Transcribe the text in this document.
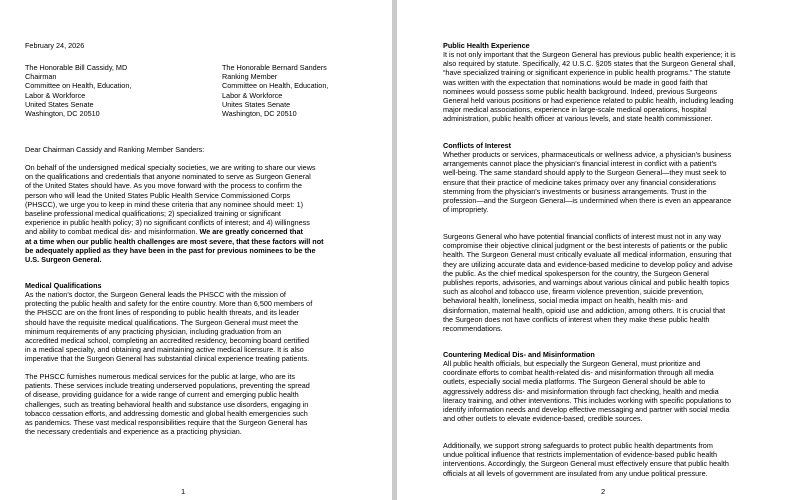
February 24, 2026
The Honorable Bill Cassidy, MD
Chairman
Committee on Health, Education,
Labor & Workforce
United States Senate
Washington, DC 20510
The Honorable Bernard Sanders
Ranking Member
Committee on Health, Education,
Labor & Workforce
Unites States Senate
Washington, DC 20510
Dear Chairman Cassidy and Ranking Member Sanders:
On behalf of the undersigned medical specialty societies, we are writing to share our views
on the qualifications and credentials that anyone nominated to serve as Surgeon General
of the United States should have. As you move forward with the process to confirm the
person who will lead the United States Public Health Service Commissioned Corps
(PHSCC), we urge you to keep in mind these criteria that any nominee should meet: 1)
baseline professional medical qualifications; 2) specialized training or significant
experience in public health policy; 3) no significant conflicts of interest; and 4) willingness
and ability to combat medical dis- and misinformation. We are greatly concerned that
at a time when our public health challenges are most severe, that these factors will not
be adequately applied as they have been in the past for previous nominees to be the
U.S. Surgeon General.
Medical Qualifications
As the nation's doctor, the Surgeon General leads the PHSCC with the mission of
protecting the public health and safety for the entire country. More than 6,500 members of
the PHSCC are on the front lines of responding to public health threats, and its leader
should have the requisite medical qualifications. The Surgeon General must meet the
minimum requirements of any practicing physician, including graduation from an
accredited medical school, completing an accredited residency, becoming board certified
in a medical specialty, and obtaining and maintaining active medical licensure. It is also
imperative that the Surgeon General has substantial clinical experience treating patients.
The PHSCC furnishes numerous medical services for the public at large, who are its
patients. These services include treating underserved populations, preventing the spread
of disease, providing guidance for a wide range of current and emerging public health
challenges, such as treating behavioral health and substance use disorders, engaging in
tobacco cessation efforts, and addressing domestic and global health emergencies such
as pandemics. These vast medical responsibilities require that the Surgeon General has
the necessary credentials and experience as a practicing physician.
1
Public Health Experience
It is not only important that the Surgeon General has previous public health experience; it is
also required by statute. Specifically, 42 U.S.C. §205 states that the Surgeon General shall,
“have specialized training or significant experience in public health programs.” The statute
was written with the expectation that nominations would be made in good faith that
nominees would possess some public health background. Indeed, previous Surgeons
General held various positions or had experience related to public health, including leading
major medical associations, experience in large-scale medical operations, hospital
administration, public health officer at various levels, and state health commissioner.
Conflicts of Interest
Whether products or services, pharmaceuticals or wellness advice, a physician's business
arrangements cannot place the physician's financial interest in conflict with a patient's
well-being. The same standard should apply to the Surgeon General—they must seek to
ensure that their practice of medicine takes primacy over any financial considerations
stemming from the physician's investments or business arrangements. Trust in the
profession—and the Surgeon General—is undermined when there is even an appearance
of impropriety.
Surgeons General who have potential financial conflicts of interest must not in any way
compromise their objective clinical judgment or the best interests of patients or the public
health. The Surgeon General must critically evaluate all medical information, ensuring that
they are utilizing accurate data and evidence-based medicine to develop policy and advise
the public. As the chief medical spokesperson for the country, the Surgeon General
publishes reports, advisories, and warnings about various clinical and public health topics
such as alcohol and tobacco use, firearm violence prevention, suicide prevention,
behavioral health, loneliness, social media impact on health, health mis- and
disinformation, maternal health, opioid use and addiction, among others. It is crucial that
the Surgeon does not have conflicts of interest when they make these public health
recommendations.
Countering Medical Dis- and Misinformation
All public health officials, but especially the Surgeon General, must prioritize and
coordinate efforts to combat health-related dis- and misinformation through all media
outlets, especially social media platforms. The Surgeon General should be able to
aggressively address dis- and misinformation through fact checking, health and media
literacy training, and other interventions. This includes working with specific populations to
identify information needs and develop effective messaging and partner with social media
and other outlets to elevate evidence-based, credible sources.
Additionally, we support strong safeguards to protect public health departments from
undue political influence that restricts implementation of evidence-based public health
interventions. Accordingly, the Surgeon General must effectively ensure that public health
officials at all levels of government are insulated from any undue political pressure.
2
